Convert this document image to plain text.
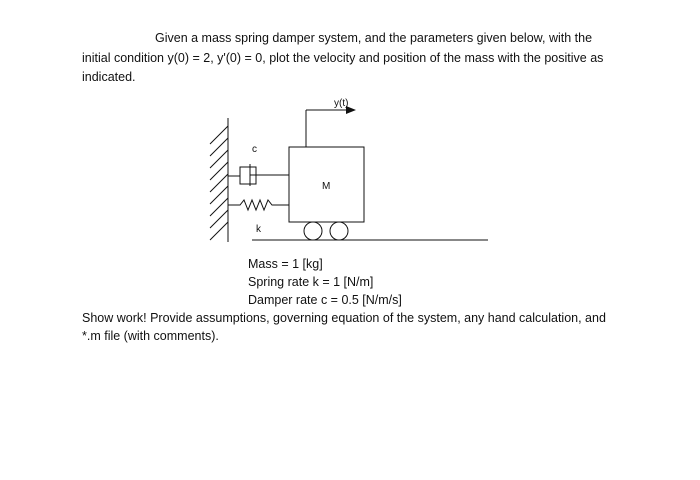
Given a mass spring damper system, and the parameters given below, with the
initial condition y(0) = 2, y'(0) = 0, plot the velocity and position of the mass with the positive as
indicated.
c
k
M
y(t)
Mass = 1 [kg]
Spring rate k = 1 [N/m]
Damper rate c = 0.5 [N/m/s]
Show work! Provide assumptions, governing equation of the system, any hand calculation, and
*.m file (with comments).
